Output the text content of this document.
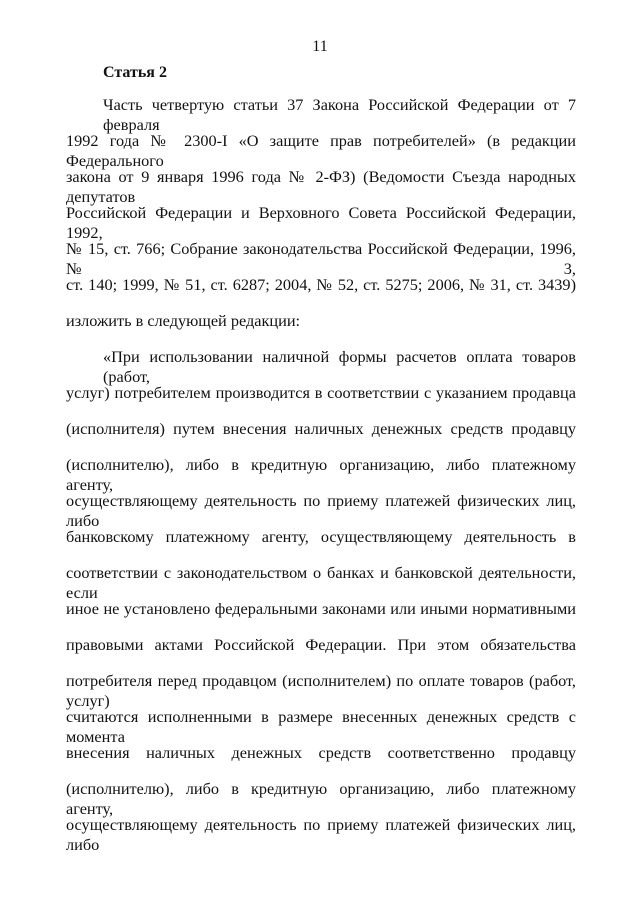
11
Статья 2
Часть четвертую статьи 37 Закона Российской Федерации от 7 февраля
1992 года № 2300-I «О защите прав потребителей» (в редакции Федерального
закона от 9 января 1996 года № 2-ФЗ) (Ведомости Съезда народных депутатов
Российской Федерации и Верховного Совета Российской Федерации, 1992,
№ 15, ст. 766; Собрание законодательства Российской Федерации, 1996, № 3,
ст. 140; 1999, № 51, ст. 6287; 2004, № 52, ст. 5275; 2006, № 31, ст. 3439)
изложить в следующей редакции:
«При использовании наличной формы расчетов оплата товаров (работ,
услуг) потребителем производится в соответствии с указанием продавца
(исполнителя) путем внесения наличных денежных средств продавцу
(исполнителю), либо в кредитную организацию, либо платежному агенту,
осуществляющему деятельность по приему платежей физических лиц, либо
банковскому платежному агенту, осуществляющему деятельность в
соответствии с законодательством о банках и банковской деятельности, если
иное не установлено федеральными законами или иными нормативными
правовыми актами Российской Федерации. При этом обязательства
потребителя перед продавцом (исполнителем) по оплате товаров (работ, услуг)
считаются исполненными в размере внесенных денежных средств с момента
внесения наличных денежных средств соответственно продавцу
(исполнителю), либо в кредитную организацию, либо платежному агенту,
осуществляющему деятельность по приему платежей физических лиц, либо
